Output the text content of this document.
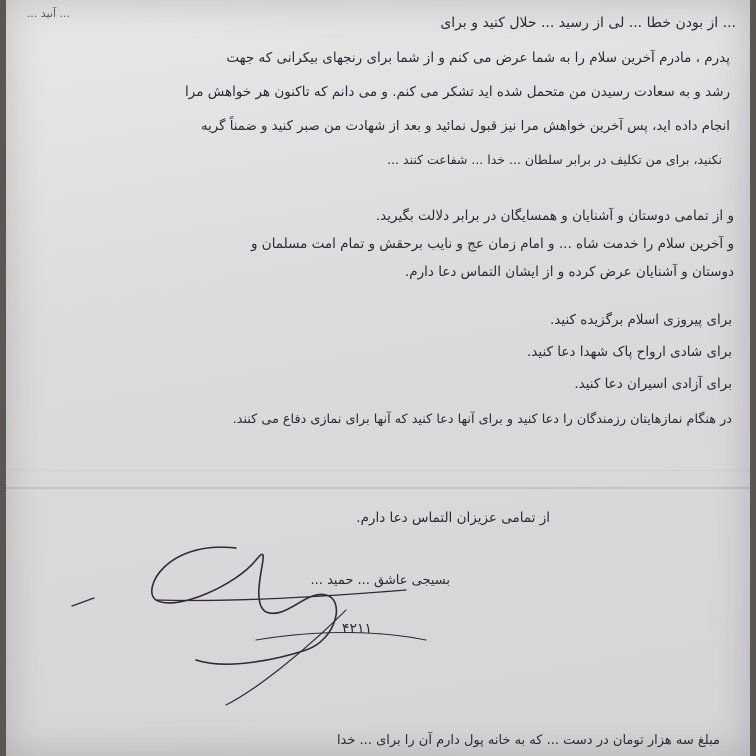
... از بودن خطا ... لی از رسید ... حلال کنید و برای
... آنید ...
پدرم ، مادرم آخرین سلام را به شما عرض می کنم و از شما برای رنجهای بیکرانی که جهت
رشد و به سعادت رسیدن من متحمل شده اید تشکر می کنم. و می دانم که تاکنون هر خواهش مرا
انجام داده اید، پس آخرین خواهش مرا نیز قبول نمائید و بعد از شهادت من صبر کنید و ضمناً گریه
نکنید، برای من تکلیف در برابر سلطان ... خدا ... شفاعت کنند ...
و از تمامی دوستان و آشنایان و همسایگان در برابر دلالت بگیرید.
و آخرین سلام را خدمت شاه ... و امام زمان عج و نایب برحقش و تمام امت مسلمان و
دوستان و آشنایان عرض کرده و از ایشان التماس دعا دارم.
برای پیروزی اسلام برگزیده کنید.
برای شادی ارواح پاک شهدا دعا کنید.
برای آزادی اسیران دعا کنید.
در هنگام نمازهایتان رزمندگان را دعا کنید و برای آنها دعا کنید که آنها برای نمازی دفاع می کنند.
از تمامی عزیزان التماس دعا دارم.
بسیجی عاشق ... حمید ...
۴۲۱۱
مبلغ سه هزار تومان در دست ... که به خانه پول دارم آن را برای ... خدا
